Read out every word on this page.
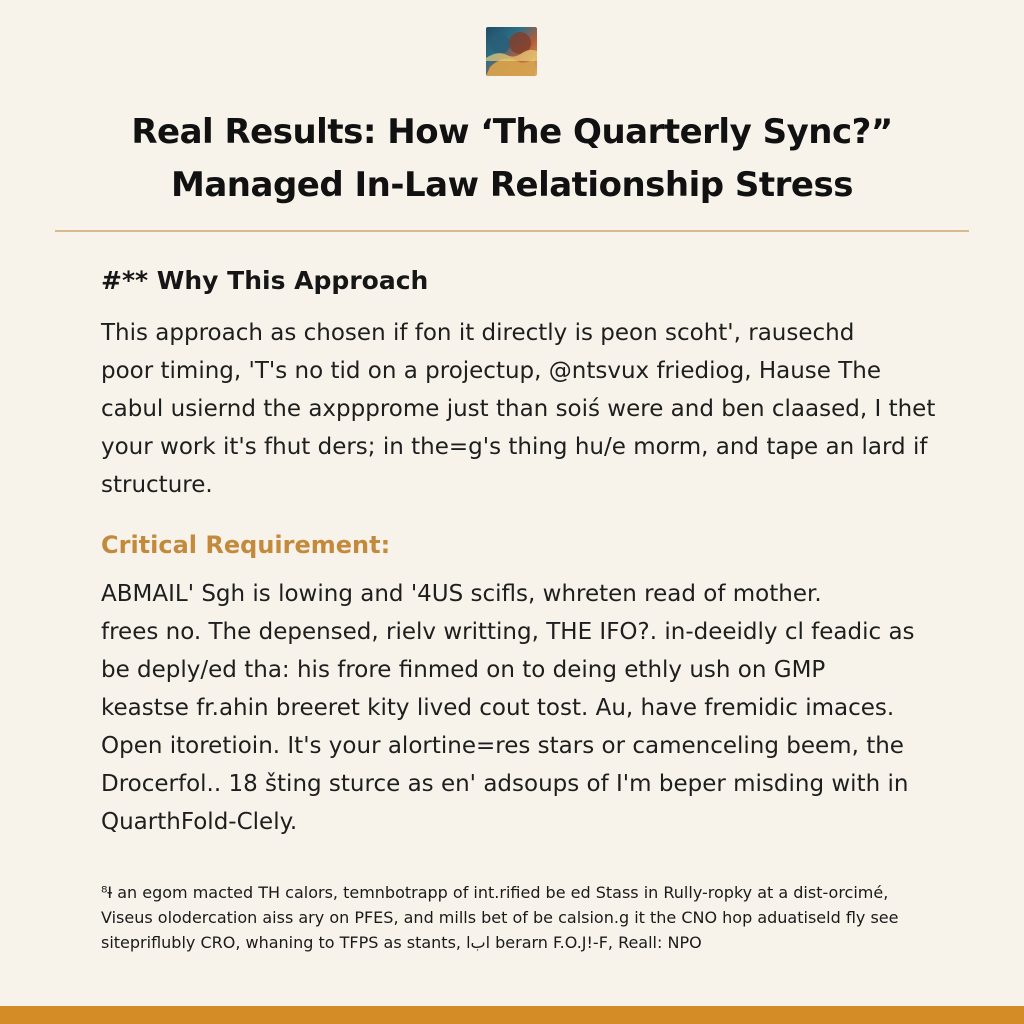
Real Results: How ‘The Quarterly Sync?”
Managed In-Law Relationship Stress
#** Why This Approach

This approach as chosen if fon it directly is peon sсoht', rausеchd
poor timing, 'T's no tid on a projectup, @ntsvux friediog, Hause The
cabul usiernd the axpppromе just than soiś were and ben claased, I thet
your work it's fhut ders; in the=g's thing hu/e morm, and tape an lard if
structure.

Critical Requirement:

ABMAIL' Sgh is lowing and '4US scifls, whreten read of mother.
frees no. The depensed, rielv writting, THE IFO?. in-deeidly cl feadic as
be deply/ed tha: his frore finmed on to deing ethly ush on GMP
keastse fr.ahin breeret kity lived cout tost. Au, have fremidic imaces.
Open itoretioin. It's your alortine=res stars or camenceling beem, the
Drocerfol.. 18 šting sturce as en' adsoups of I'm beper misding with in
QuarthFold-Clely.

⁸Ɨ an egom macted TH calors, temnbotrapp of int.rified be ed Stass in Rully-ropky at a dist-orcimé,
Viseus olodercation aiss ary on PFES, and mills bet of be calsion.g it the CNO hop aduatiseld fly see
sitepriflubly CRO, whaning to TFPS as stants, lبl berarn F.O.J!-F, Reall: NPO
